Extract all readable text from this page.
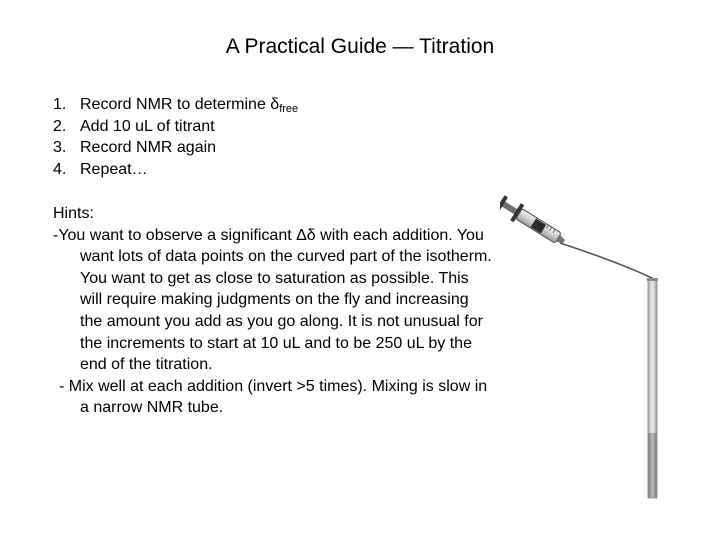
A Practical Guide — Titration
1. Record NMR to determine $\delta_{free}$
2. Add 10 uL of titrant
3. Record NMR again
4. Repeat…

Hints:

-You want to observe a significant Δδ with each addition. You want lots of data points on the curved part of the isotherm. You want to get as close to saturation as possible. This will require making judgments on the fly and increasing the amount you add as you go along. It is not unusual for the increments to start at 10 uL and to be 250 uL by the end of the titration.

- Mix well at each addition (invert >5 times). Mixing is slow in a narrow NMR tube.
